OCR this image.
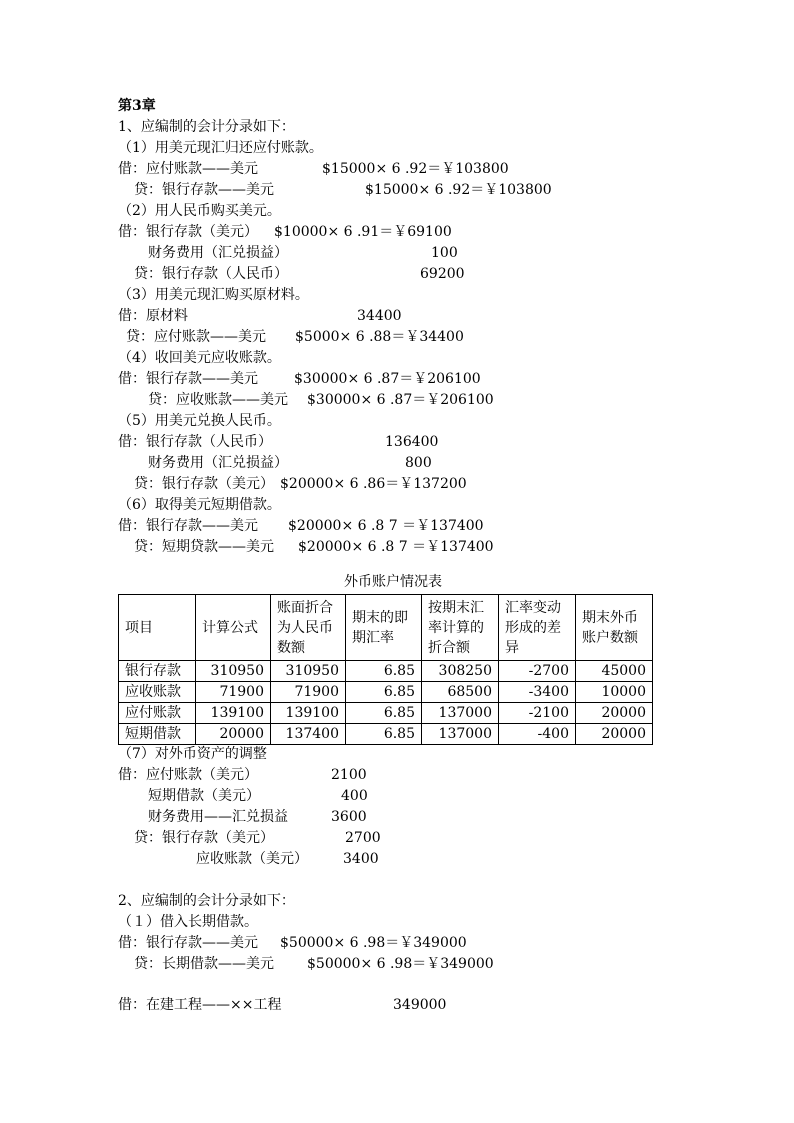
第3章
1、应编制的会计分录如下：
（1）用美元现汇归还应付账款。
借：应付账款——美元	$15000× 6 .92＝￥103800
贷：银行存款——美元	$15000× 6 .92＝￥103800
（2）用人民币购买美元。
借：银行存款（美元） $10000× 6 .91＝￥69100
财务费用（汇兑损益）	100
贷：银行存款（人民币）	69200
（3）用美元现汇购买原材料。
借：原材料	34400
贷：应付账款——美元 $5000× 6 .88＝￥34400
（4）收回美元应收账款。
借：银行存款——美元	$30000× 6 .87＝￥206100
贷：应收账款——美元 $30000× 6 .87＝￥206100
（5）用美元兑换人民币。
借：银行存款（人民币）	136400
财务费用（汇兑损益）	800
贷：银行存款（美元） $20000× 6 .86＝￥137200
（6）取得美元短期借款。
借：银行存款——美元 $20000× 6 .8 7 ＝￥137400
贷：短期贷款——美元 $20000× 6 .8 7 ＝￥137400
外币账户情况表
项目	计算公式	账面折合
为人民币
数额	期末的即
期汇率	按期末汇
率计算的
折合额	汇率变动
形成的差
异	期末外币
账户数额
银行存款	310950	310950	6.85	308250	-2700	45000
应收账款	71900	71900	6.85	68500	-3400	10000
应付账款	139100	139100	6.85	137000	-2100	20000
短期借款	20000	137400	6.85	137000	-400	20000
（7）对外币资产的调整
借：应付账款（美元）	2100
短期借款（美元）	400
财务费用——汇兑损益	3600
贷：银行存款（美元）	2700
应收账款（美元）	3400
2、应编制的会计分录如下：
（１）借入长期借款。
借：银行存款——美元 $50000× 6 .98＝￥349000
贷：长期借款——美元 $50000× 6 .98＝￥349000
借：在建工程——××工程	349000
